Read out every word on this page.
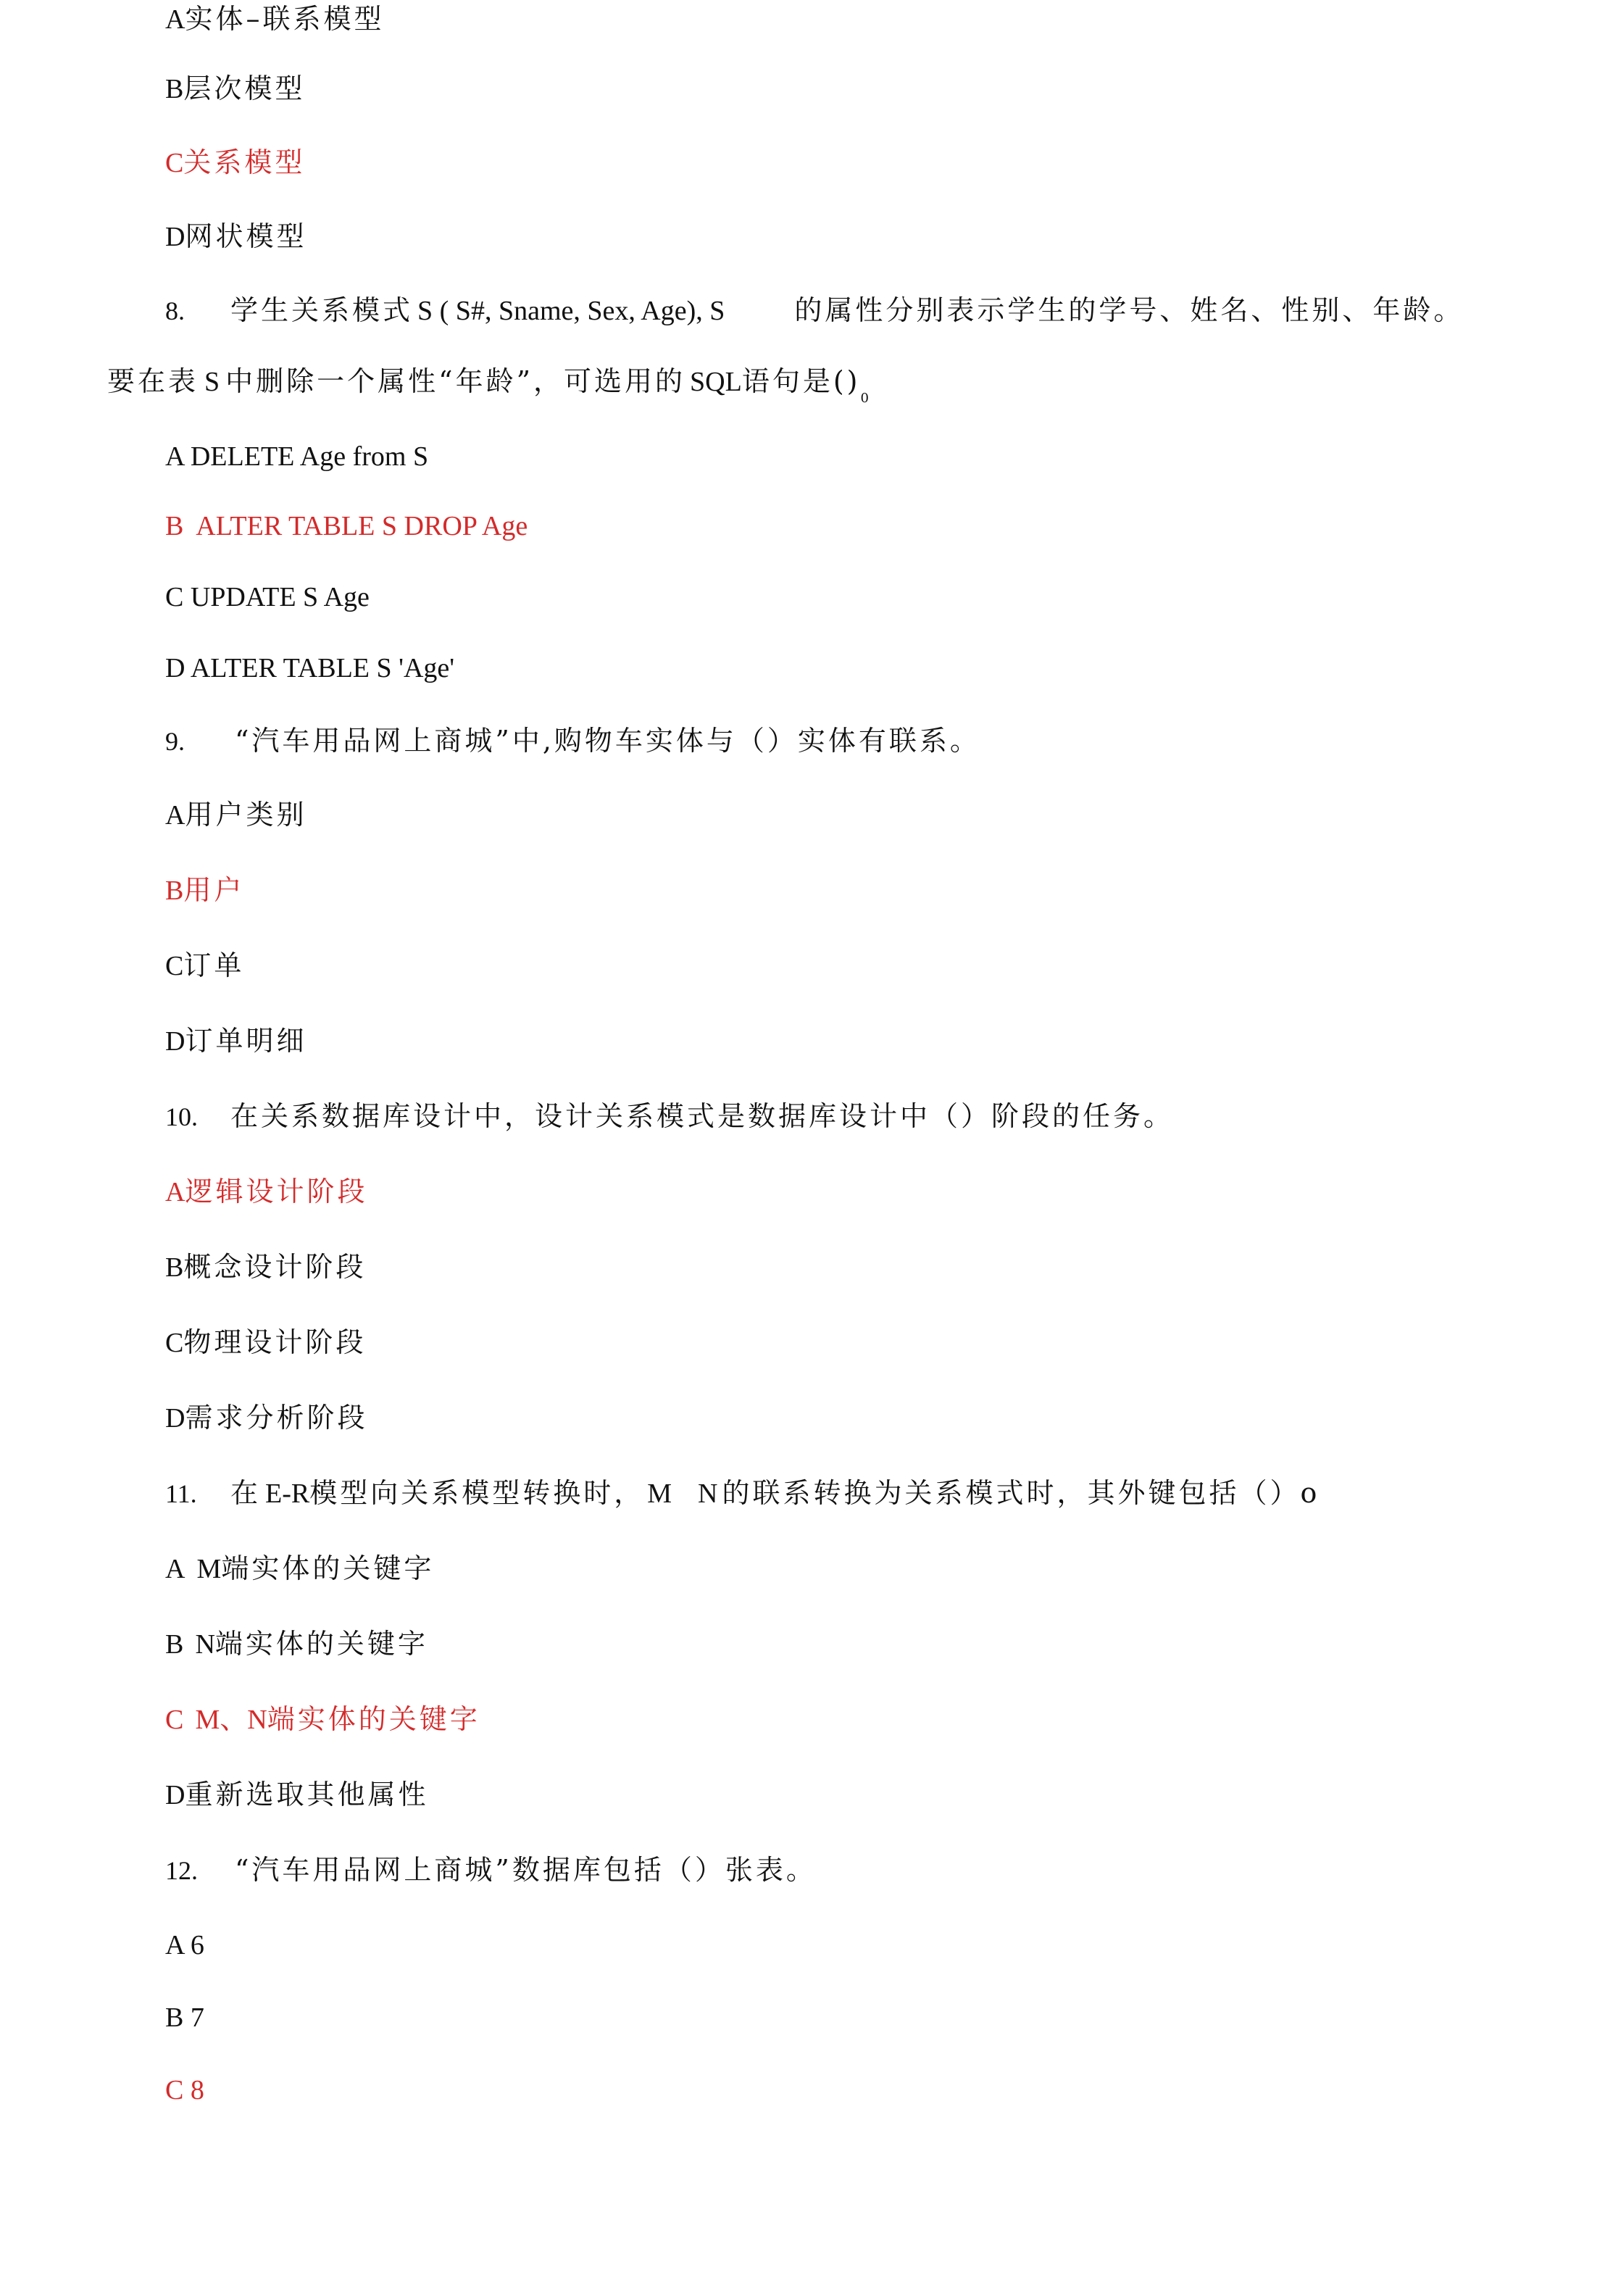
A实体–联系模型
B层次模型
C关系模型
D网状模型
8. 学生关系模式 S ( S#, Sname, Sex, Age), S	的属性分别表示学生的学号、姓名、性别、年龄。
要在表 S 中删除一个属性“年龄”，可选用的 SQL语句是$()_0$
A DELETE Age from S
B ALTER TABLE S DROP Age
C UPDATE S Age
D ALTER TABLE S 'Age'
9. “汽车用品网上商城”中,购物车实体与（）实体有联系。
A用户类别
B用户
C订单
D订单明细
10. 在关系数据库设计中，设计关系模式是数据库设计中（）阶段的任务。
A逻辑设计阶段
B概念设计阶段
C物理设计阶段
D需求分析阶段
11. 在 E-R模型向关系模型转换时， M N 的联系转换为关系模式时，其外键包括（）o
A M端实体的关键字
B N端实体的关键字
C M、N端实体的关键字
D重新选取其他属性
12. “汽车用品网上商城”数据库包括（）张表。
A 6
B 7
C 8
